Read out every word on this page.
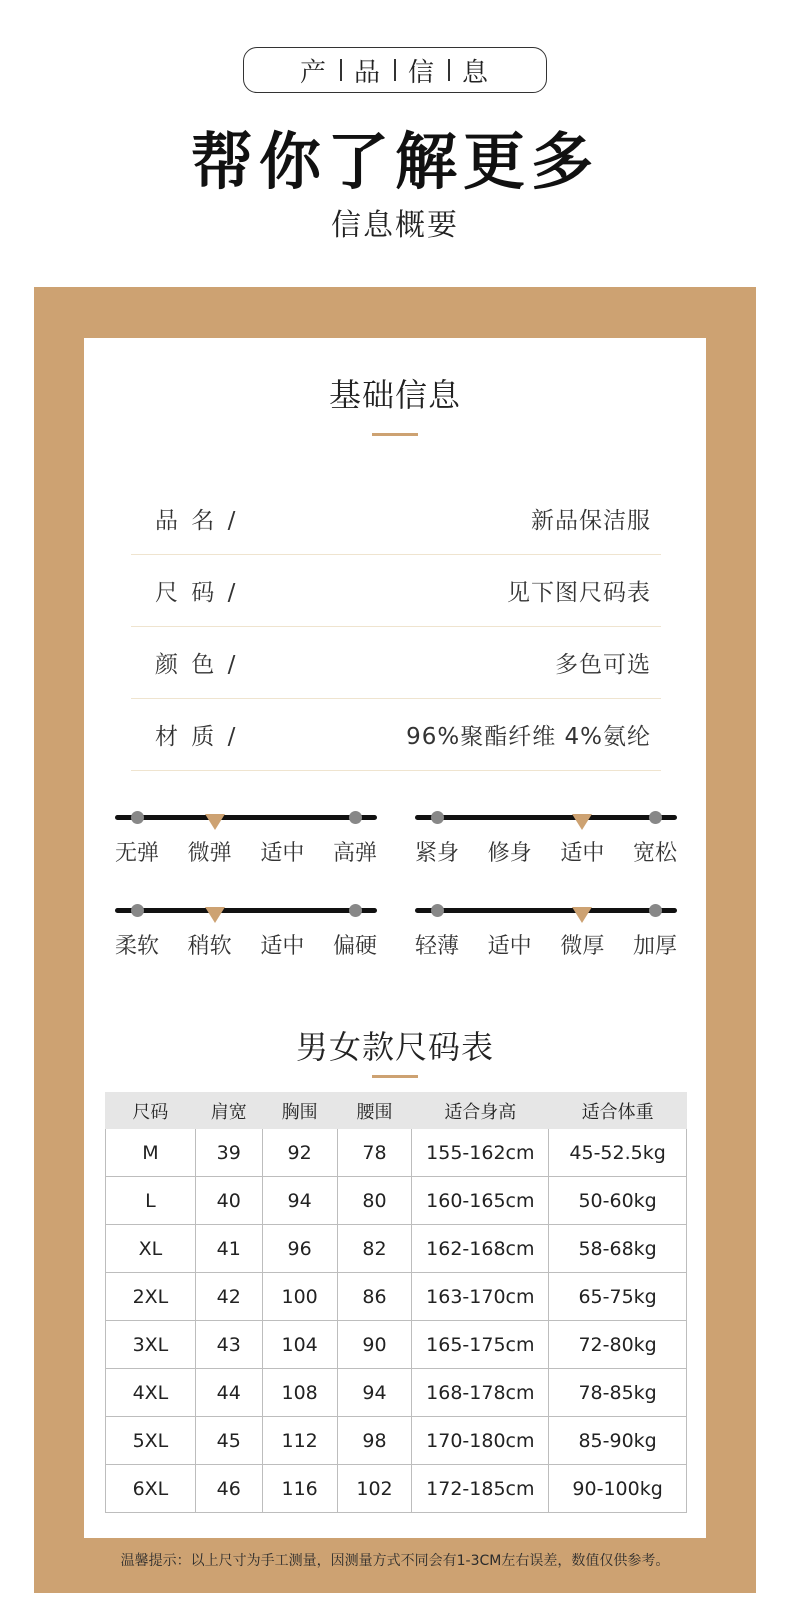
产 品 信 息
帮你了解更多
信息概要
基础信息
品 名 /	新品保洁服
尺 码 /	见下图尺码表
颜 色 /	多色可选
材 质 /	96%聚酯纤维 4%氨纶
无弹 微弹 适中 高弹 紧身 修身 适中 宽松
柔软 稍软 适中 偏硬 轻薄 适中 微厚 加厚
男女款尺码表
尺码	肩宽	胸围	腰围	适合身高	适合体重
M	39	92	78	155-162cm	45-52.5kg
L	40	94	80	160-165cm	50-60kg
XL	41	96	82	162-168cm	58-68kg
2XL	42	100	86	163-170cm	65-75kg
3XL	43	104	90	165-175cm	72-80kg
4XL	44	108	94	168-178cm	78-85kg
5XL	45	112	98	170-180cm	85-90kg
6XL	46	116	102	172-185cm	90-100kg
温馨提示：以上尺寸为手工测量，因测量方式不同会有1-3CM左右误差，数值仅供参考。
